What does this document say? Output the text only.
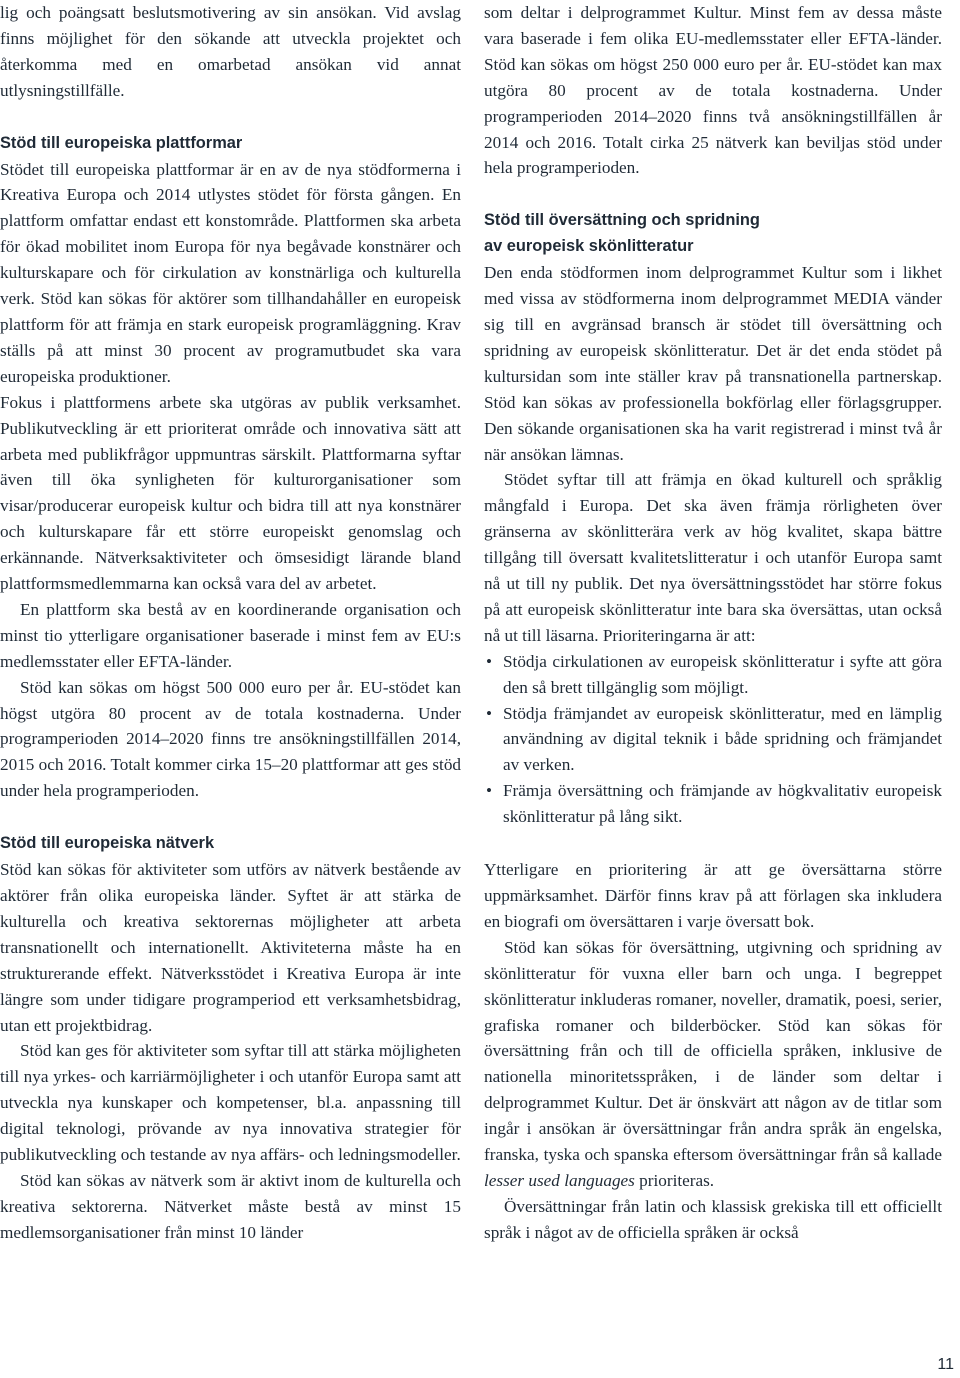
lig och poängsatt beslutsmotivering av sin ansökan. Vid avslag finns möjlighet för den sökande att utveckla projektet och återkomma med en omarbetad ansökan vid annat utlysningstillfälle.

Stöd till europeiska plattformar

Stödet till europeiska plattformar är en av de nya stödformerna i Kreativa Europa och 2014 utlystes stödet för första gången. En plattform omfattar endast ett konstområde. Plattformen ska arbeta för ökad mobilitet inom Europa för nya begåvade konstnärer och kulturskapare och för cirkulation av konstnärliga och kulturella verk. Stöd kan sökas för aktörer som tillhandahåller en europeisk plattform för att främja en stark europeisk programläggning. Krav ställs på att minst 30 procent av programutbudet ska vara europeiska produktioner.

Fokus i plattformens arbete ska utgöras av publik verksamhet. Publikutveckling är ett prioriterat område och innovativa sätt att arbeta med publikfrågor uppmuntras särskilt. Plattformarna syftar även till öka synligheten för kulturorganisationer som visar/producerar europeisk kultur och bidra till att nya konstnärer och kulturskapare får ett större europeiskt genomslag och erkännande. Nätverksaktiviteter och ömsesidigt lärande bland plattformsmedlemmarna kan också vara del av arbetet.

En plattform ska bestå av en koordinerande organisation och minst tio ytterligare organisationer baserade i minst fem av EU:s medlemsstater eller EFTA-länder.

Stöd kan sökas om högst 500 000 euro per år. EU-stödet kan högst utgöra 80 procent av de totala kostnaderna. Under programperioden 2014–2020 finns tre ansökningstillfällen 2014, 2015 och 2016. Totalt kommer cirka 15–20 plattformar att ges stöd under hela programperioden.

Stöd till europeiska nätverk

Stöd kan sökas för aktiviteter som utförs av nätverk bestående av aktörer från olika europeiska länder. Syftet är att stärka de kulturella och kreativa sektorernas möjligheter att arbeta transnationellt och internationellt. Aktiviteterna måste ha en strukturerande effekt. Nätverksstödet i Kreativa Europa är inte längre som under tidigare programperiod ett verksamhetsbidrag, utan ett projektbidrag.

Stöd kan ges för aktiviteter som syftar till att stärka möjligheten till nya yrkes- och karriärmöjligheter i och utanför Europa samt att utveckla nya kunskaper och kompetenser, bl.a. anpassning till digital teknologi, prövande av nya innovativa strategier för publikutveckling och testande av nya affärs- och ledningsmodeller.

Stöd kan sökas av nätverk som är aktivt inom de kulturella och kreativa sektorerna. Nätverket måste bestå av minst 15 medlemsorganisationer från minst 10 länder

som deltar i delprogrammet Kultur. Minst fem av dessa måste vara baserade i fem olika EU-medlemsstater eller EFTA-länder. Stöd kan sökas om högst 250 000 euro per år. EU-stödet kan max utgöra 80 procent av de totala kostnaderna. Under programperioden 2014–2020 finns två ansökningstillfällen år 2014 och 2016. Totalt cirka 25 nätverk kan beviljas stöd under hela programperioden.

Stöd till översättning och spridning
av europeisk skönlitteratur

Den enda stödformen inom delprogrammet Kultur som i likhet med vissa av stödformerna inom delprogrammet MEDIA vänder sig till en avgränsad bransch är stödet till översättning och spridning av europeisk skönlitteratur. Det är det enda stödet på kultursidan som inte ställer krav på transnationella partnerskap. Stöd kan sökas av professionella bokförlag eller förlagsgrupper. Den sökande organisationen ska ha varit registrerad i minst två år när ansökan lämnas.

Stödet syftar till att främja en ökad kulturell och språklig mångfald i Europa. Det ska även främja rörligheten över gränserna av skönlitterära verk av hög kvalitet, skapa bättre tillgång till översatt kvalitetslitteratur i och utanför Europa samt nå ut till ny publik. Det nya översättningsstödet har större fokus på att europeisk skönlitteratur inte bara ska översättas, utan också nå ut till läsarna. Prioriteringarna är att:

• Stödja cirkulationen av europeisk skönlitteratur i syfte att göra den så brett tillgänglig som möjligt.
• Stödja främjandet av europeisk skönlitteratur, med en lämplig användning av digital teknik i både spridning och främjandet av verken.
• Främja översättning och främjande av högkvalitativ europeisk skönlitteratur på lång sikt.

Ytterligare en prioritering är att ge översättarna större uppmärksamhet. Därför finns krav på att förlagen ska inkludera en biografi om översättaren i varje översatt bok.

Stöd kan sökas för översättning, utgivning och spridning av skönlitteratur för vuxna eller barn och unga. I begreppet skönlitteratur inkluderas romaner, noveller, dramatik, poesi, serier, grafiska romaner och bilderböcker. Stöd kan sökas för översättning från och till de officiella språken, inklusive de nationella minoritetsspråken, i de länder som deltar i delprogrammet Kultur. Det är önskvärt att någon av de titlar som ingår i ansökan är översättningar från andra språk än engelska, franska, tyska och spanska eftersom översättningar från så kallade lesser used languages prioriteras.

Översättningar från latin och klassisk grekiska till ett officiellt språk i något av de officiella språken är också

11
